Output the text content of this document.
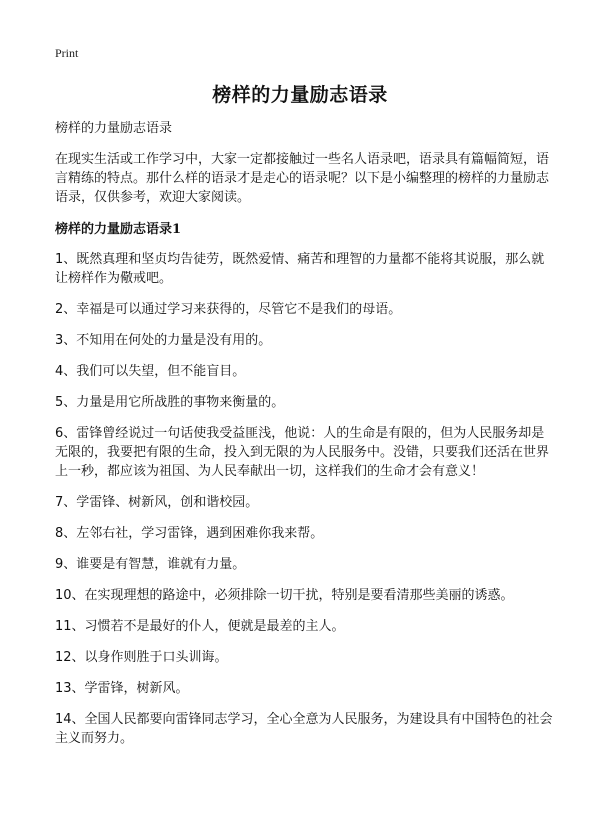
Print
榜样的力量励志语录

榜样的力量励志语录

在现实生活或工作学习中，大家一定都接触过一些名人语录吧，语录具有篇幅简短，语言精练的特点。那什么样的语录才是走心的语录呢？以下是小编整理的榜样的力量励志语录，仅供参考，欢迎大家阅读。

榜样的力量励志语录1
1、既然真理和坚贞均告徒劳，既然爱情、痛苦和理智的力量都不能将其说服，那么就让榜样作为儆戒吧。
2、幸福是可以通过学习来获得的，尽管它不是我们的母语。
3、不知用在何处的力量是没有用的。
4、我们可以失望，但不能盲目。
5、力量是用它所战胜的事物来衡量的。
6、雷锋曾经说过一句话使我受益匪浅，他说：人的生命是有限的，但为人民服务却是无限的，我要把有限的生命，投入到无限的为人民服务中。没错，只要我们还活在世界上一秒，都应该为祖国、为人民奉献出一切，这样我们的生命才会有意义！
7、学雷锋、树新风，创和谐校园。
8、左邻右社，学习雷锋，遇到困难你我来帮。
9、谁要是有智慧，谁就有力量。
10、在实现理想的路途中，必须排除一切干扰，特别是要看清那些美丽的诱惑。
11、习惯若不是最好的仆人，便就是最差的主人。
12、以身作则胜于口头训诲。
13、学雷锋，树新风。
14、全国人民都要向雷锋同志学习，全心全意为人民服务，为建设具有中国特色的社会主义而努力。
